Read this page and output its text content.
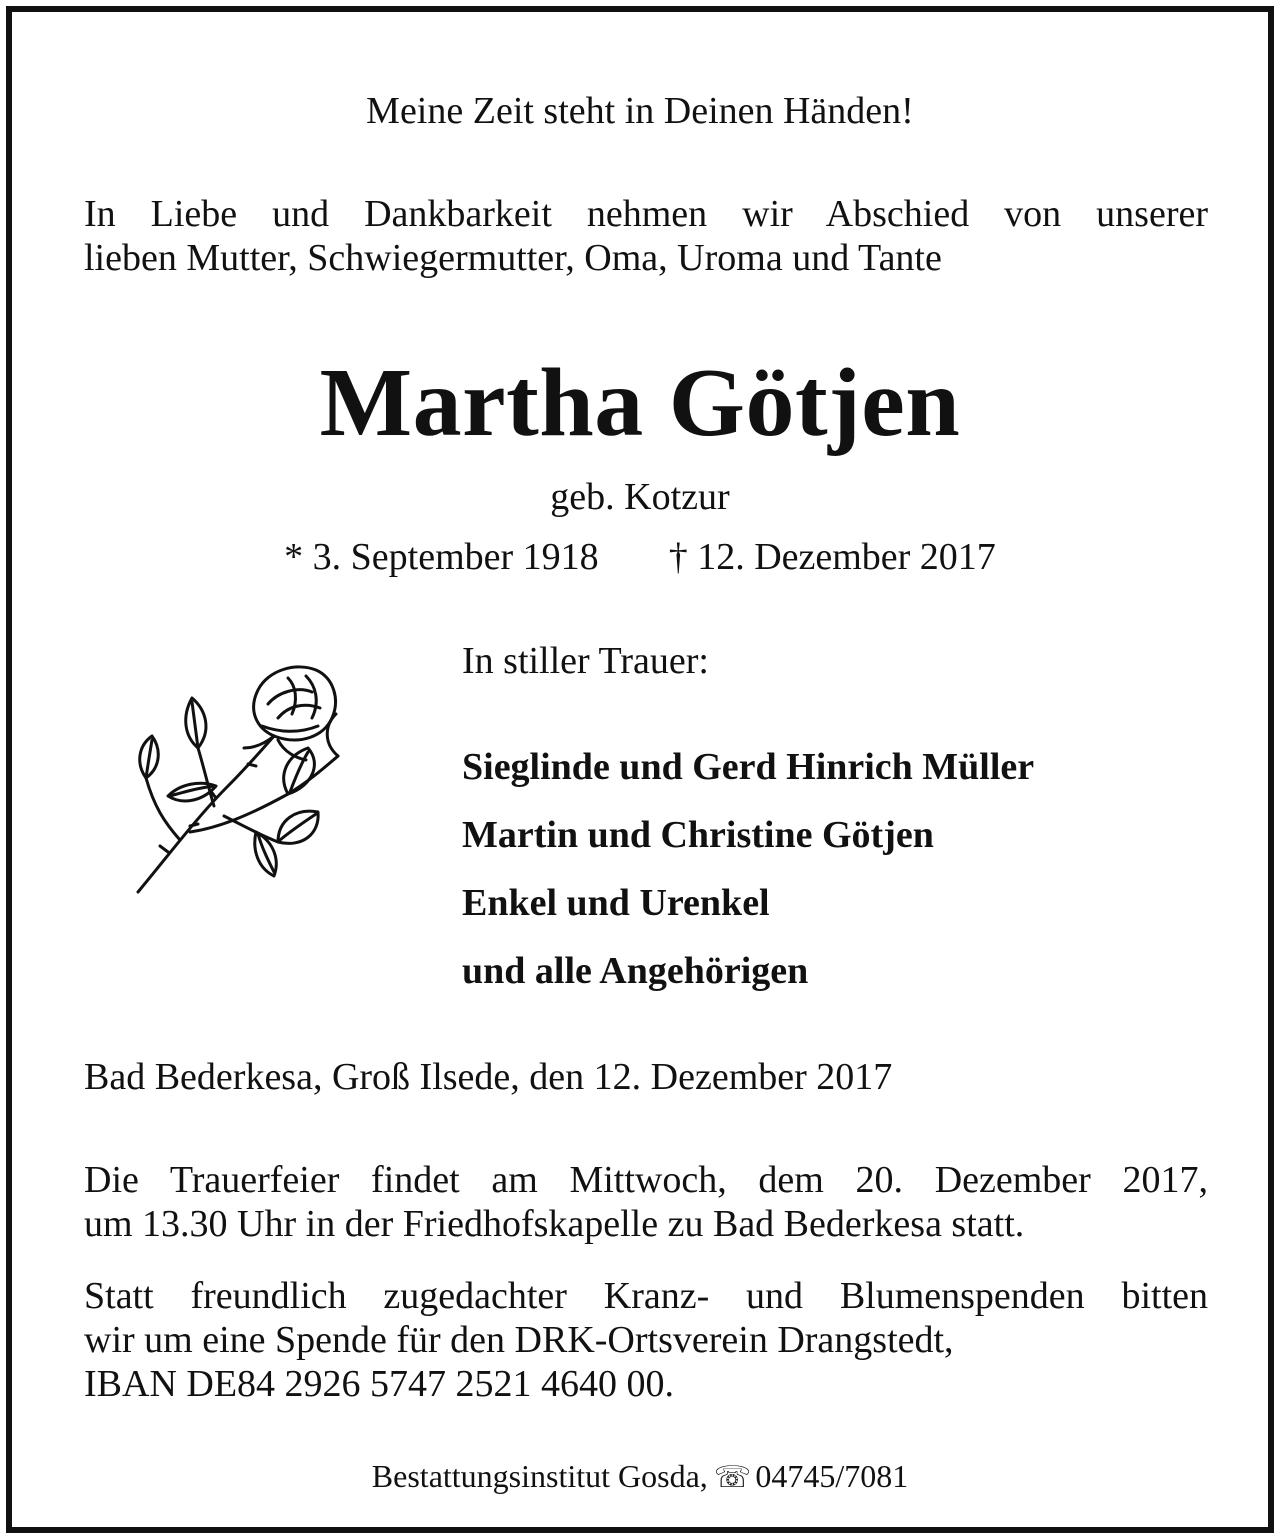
Meine Zeit steht in Deinen Händen!

In Liebe und Dankbarkeit nehmen wir Abschied von unserer
lieben Mutter, Schwiegermutter, Oma, Uroma und Tante

Martha Götjen

geb. Kotzur

* 3. September 1918 † 12. Dezember 2017

In stiller Trauer:

Sieglinde und Gerd Hinrich Müller

Martin und Christine Götjen

Enkel und Urenkel

und alle Angehörigen

Bad Bederkesa, Groß Ilsede, den 12. Dezember 2017

Die Trauerfeier findet am Mittwoch, dem 20. Dezember 2017,
um 13.30 Uhr in der Friedhofskapelle zu Bad Bederkesa statt.
Statt freundlich zugedachter Kranz- und Blumenspenden bitten
wir um eine Spende für den DRK-Ortsverein Drangstedt,
IBAN DE84 2926 5747 2521 4640 00.

Bestattungsinstitut Gosda, ☏ 04745/7081
